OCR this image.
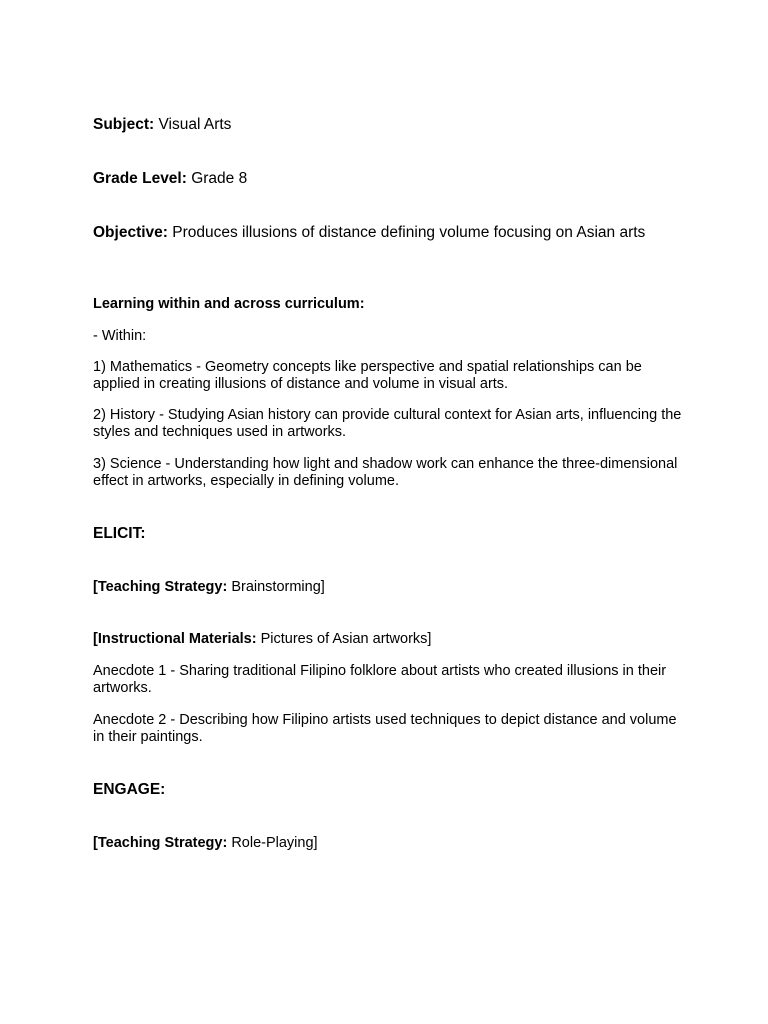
Subject: Visual Arts

Grade Level: Grade 8

Objective: Produces illusions of distance defining volume focusing on Asian arts

Learning within and across curriculum:

- Within:

1) Mathematics - Geometry concepts like perspective and spatial relationships can be applied in creating illusions of distance and volume in visual arts.

2) History - Studying Asian history can provide cultural context for Asian arts, influencing the styles and techniques used in artworks.

3) Science - Understanding how light and shadow work can enhance the three-dimensional effect in artworks, especially in defining volume.

ELICIT:

[Teaching Strategy: Brainstorming]

[Instructional Materials: Pictures of Asian artworks]

Anecdote 1 - Sharing traditional Filipino folklore about artists who created illusions in their artworks.

Anecdote 2 - Describing how Filipino artists used techniques to depict distance and volume in their paintings.

ENGAGE:

[Teaching Strategy: Role-Playing]
